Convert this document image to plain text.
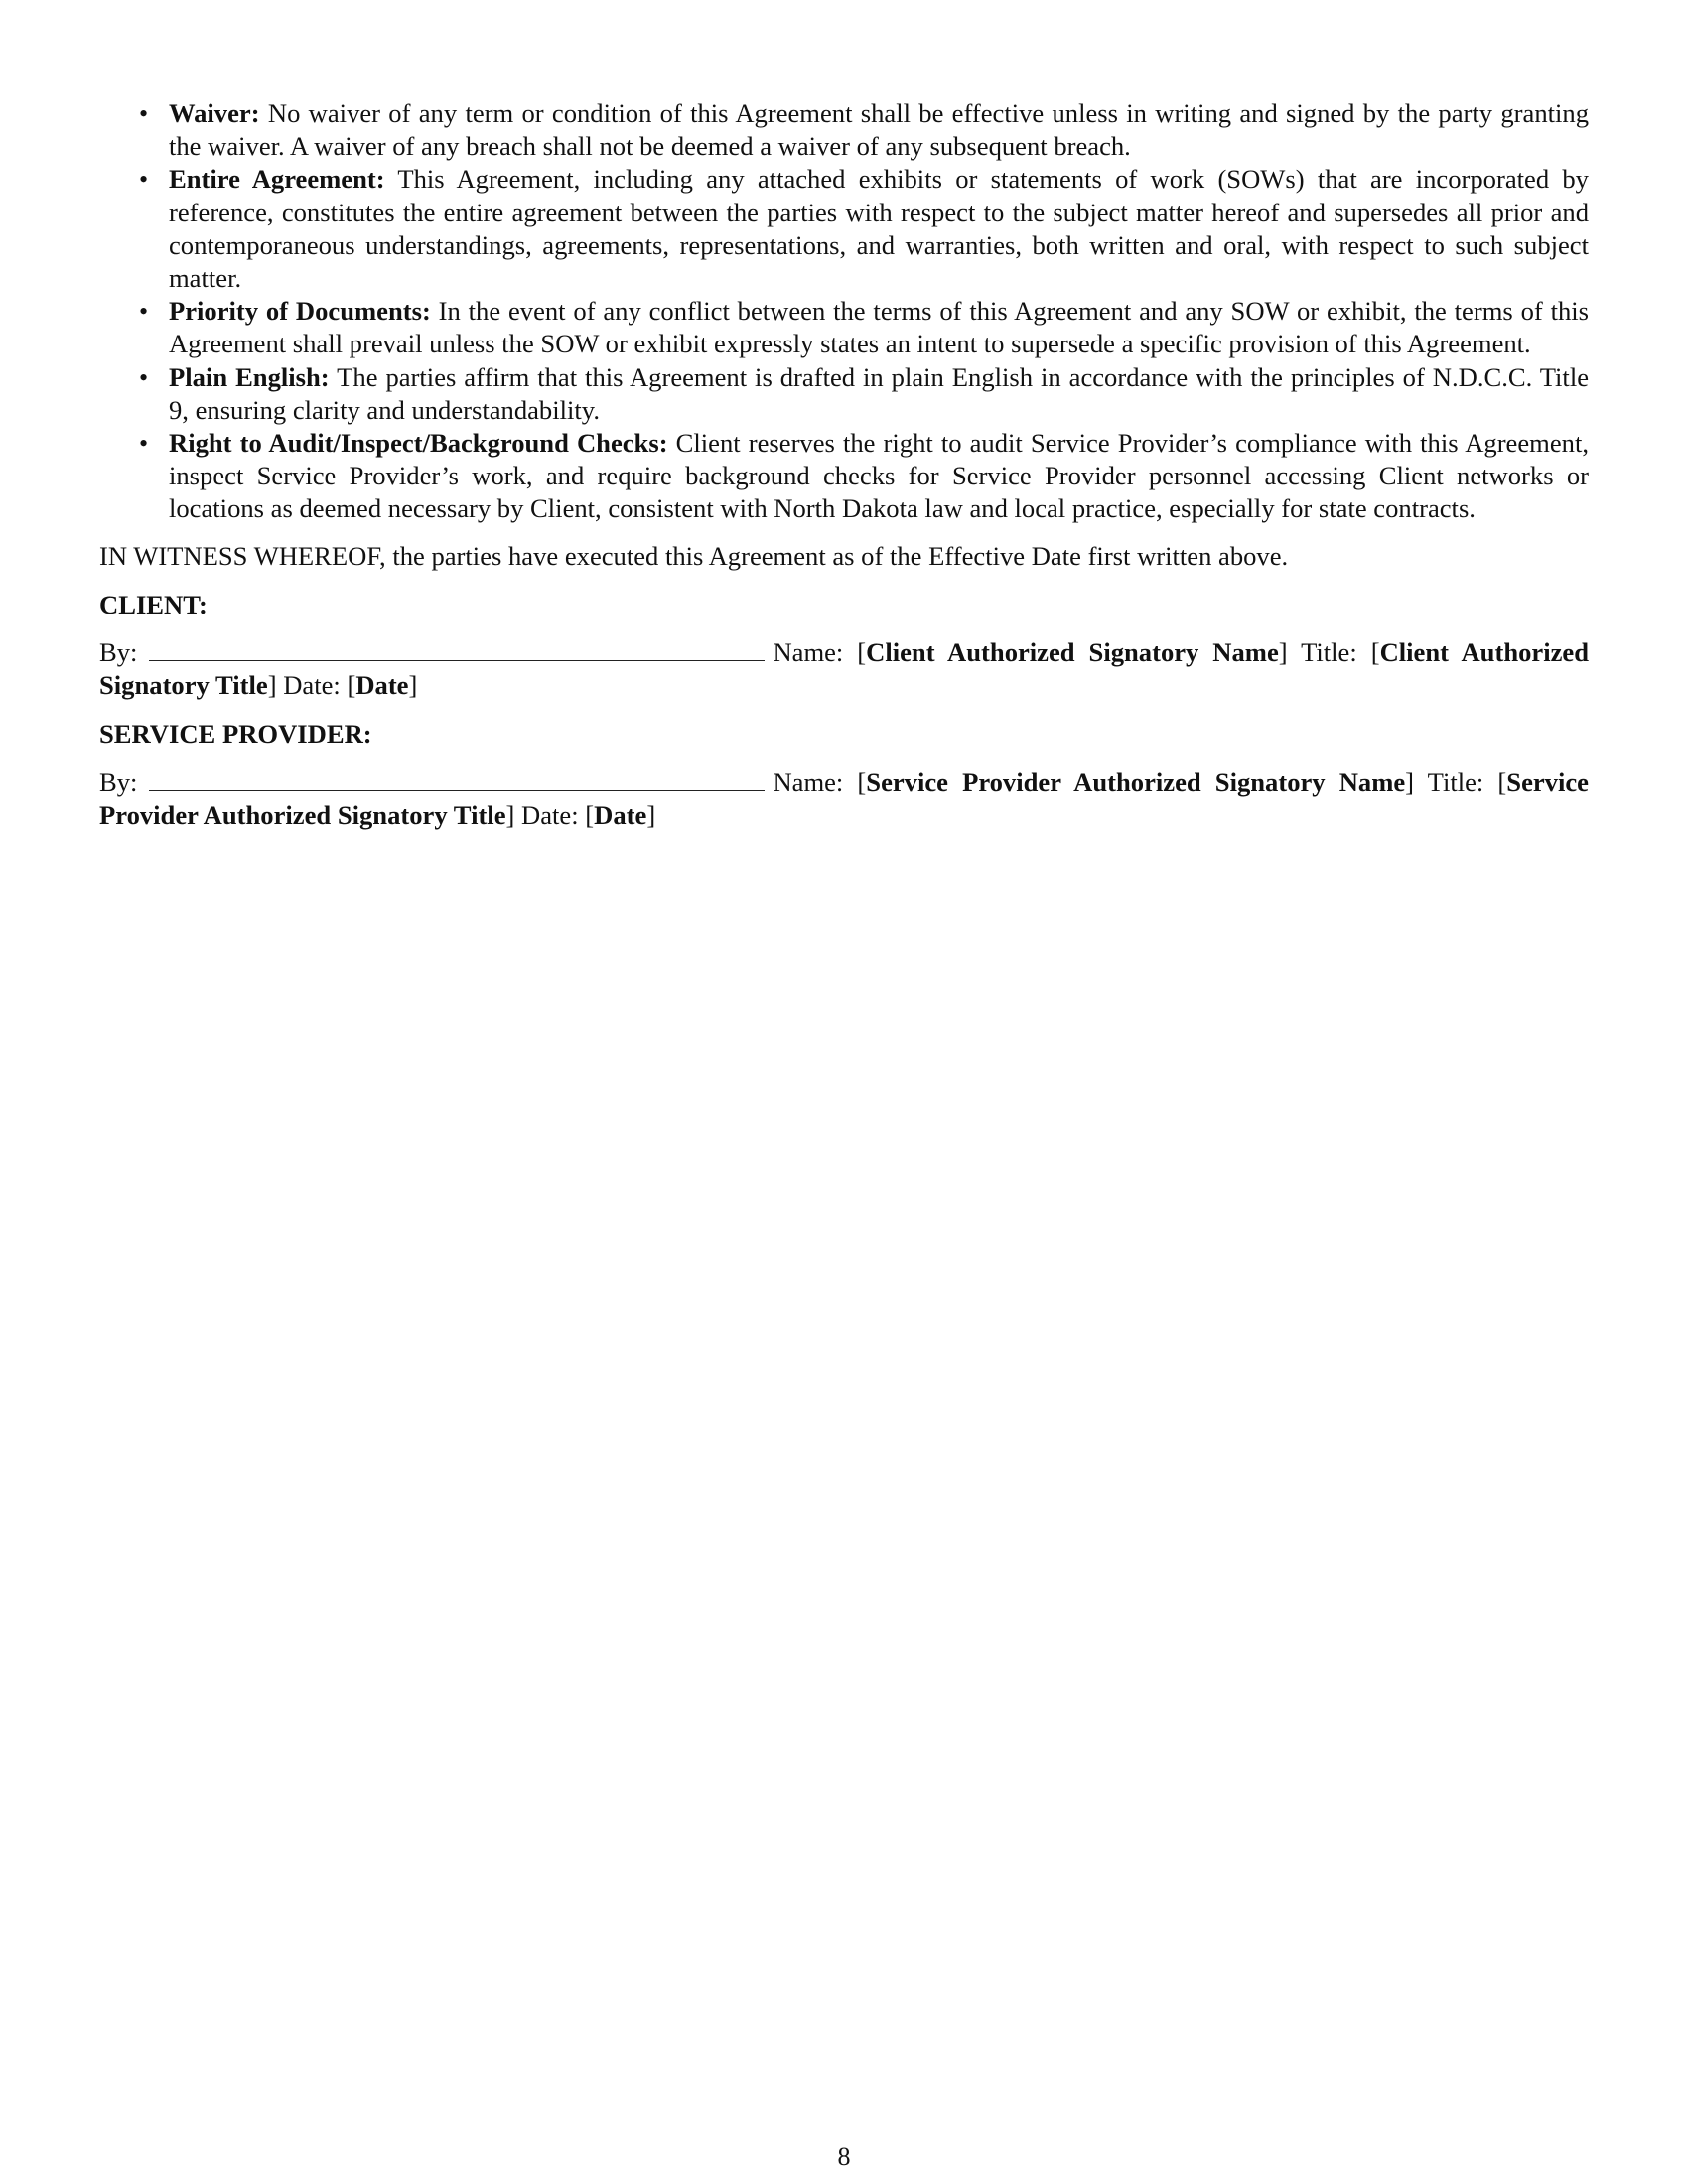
• Waiver: No waiver of any term or condition of this Agreement shall be effective unless in writing and signed by the party granting the waiver. A waiver of any breach shall not be deemed a waiver of any subsequent breach.
• Entire Agreement: This Agreement, including any attached exhibits or statements of work (SOWs) that are incorporated by reference, constitutes the entire agreement between the parties with respect to the subject matter hereof and supersedes all prior and contemporaneous understandings, agreements, representations, and warranties, both written and oral, with respect to such subject matter.
• Priority of Documents: In the event of any conflict between the terms of this Agreement and any SOW or exhibit, the terms of this Agreement shall prevail unless the SOW or exhibit expressly states an intent to supersede a specific provision of this Agreement.
• Plain English: The parties affirm that this Agreement is drafted in plain English in accordance with the principles of N.D.C.C. Title 9, ensuring clarity and understandability.
• Right to Audit/Inspect/Background Checks: Client reserves the right to audit Service Provider’s compliance with this Agreement, inspect Service Provider’s work, and require background checks for Service Provider personnel accessing Client networks or locations as deemed necessary by Client, consistent with North Dakota law and local practice, especially for state contracts.
IN WITNESS WHEREOF, the parties have executed this Agreement as of the Effective Date first written above.
CLIENT:
By:	Name: [Client Authorized Signatory Name] Title: [Client Authorized Signatory Title] Date: [Date]
SERVICE PROVIDER:
By:	Name: [Service Provider Authorized Signatory Name] Title: [Service Provider Authorized Signatory Title] Date: [Date]
8
